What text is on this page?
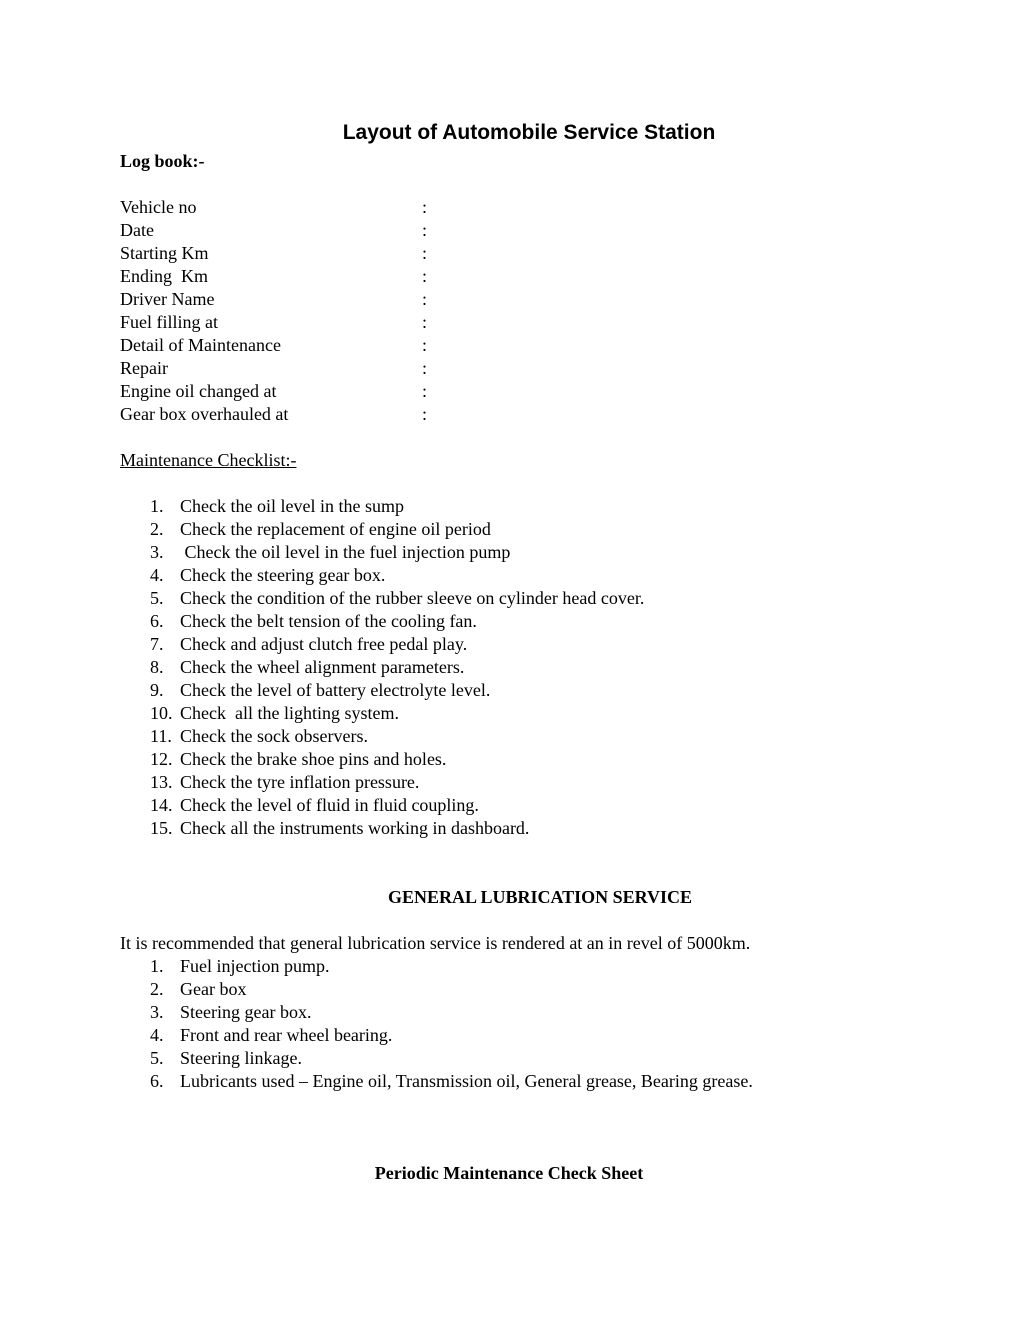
Layout of Automobile Service Station
Log book:-
Vehicle no	:
Date	:
Starting Km	:
Ending  Km	:
Driver Name	:
Fuel filling at	:
Detail of Maintenance	:
Repair	:
Engine oil changed at	:
Gear box overhauled at	:
Maintenance Checklist:-
1. Check the oil level in the sump
2. Check the replacement of engine oil period
3. Check the oil level in the fuel injection pump
4. Check the steering gear box.
5. Check the condition of the rubber sleeve on cylinder head cover.
6. Check the belt tension of the cooling fan.
7. Check and adjust clutch free pedal play.
8. Check the wheel alignment parameters.
9. Check the level of battery electrolyte level.
10. Check  all the lighting system.
11. Check the sock observers.
12. Check the brake shoe pins and holes.
13. Check the tyre inflation pressure.
14. Check the level of fluid in fluid coupling.
15. Check all the instruments working in dashboard.
GENERAL LUBRICATION SERVICE
It is recommended that general lubrication service is rendered at an in revel of 5000km.
1. Fuel injection pump.
2. Gear box
3. Steering gear box.
4. Front and rear wheel bearing.
5. Steering linkage.
6. Lubricants used – Engine oil, Transmission oil, General grease, Bearing grease.
Periodic Maintenance Check Sheet
